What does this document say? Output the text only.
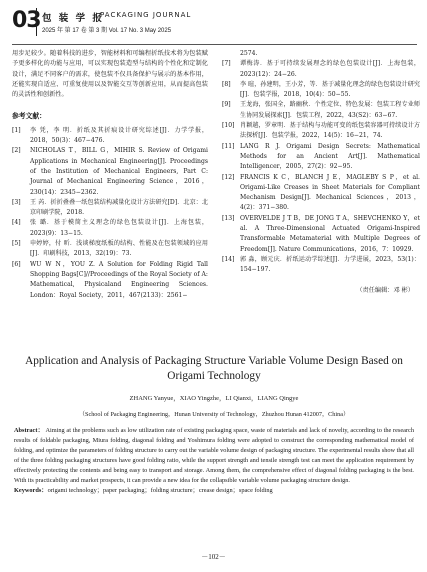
03 包 装 学 报
PACKAGING JOURNAL
2025 年 第 17 卷 第 3 期 Vol. 17 No. 3 May 2025

用步足较少。随着科技的进步，智能材料和可编程折纸技术将为包装赋予更多样化的功能与应用，可以实现包装造型与结构的个性化和定制化设计，满足不同客户的需求，使包装不仅具备保护与展示的基本作用，还能实现自适应、可重复使用以及智能交互等创新应用，从而提高包装的灵活性和创新性。

参考文献：

[1] 李 凭，李 明．折纸及其折痕设计研究综述[J]．力学学报，2018，50(3)：467−476.

[2] NICHOLAS T，BILL G，MIHIR S. Review of Origami Applications in Mechanical Engineering[J]. Proceedings of the Institution of Mechanical Engineers, Part C: Journal of Mechanical Engineering Science，2016，230(14)：2345−2362.

[3] 王 芮．折折叠叠一纸包装结构减量化设计方法研究[D]．北京：北京印刷学院，2018.

[4] 张 璐．基于模简主义理念的绿色包装设计[J]．上海包装，2023(9)：13−15.

[5] 申婷婷，付 昕．浅谈梯度纸板的结构、性能及在包装领域的应用[J]．印刷科技，2013，32(19)：73.

[6] WU W N，YOU Z. A Solution for Folding Rigid Tall Shopping Bags[C]//Proceedings of the Royal Society of A: Mathematical, Physicaland Engineering Sciences. London：Royal Society，2011，467(2133)：2561−

2574.

[7] 谭梅涛．基于可持续发展理念的绿色包装设计[J]．上海包装，2023(12)：24−26.

[8] 李 暄，孙建明，王小芳，等．基于减量化理念的绿色包装设计研究[J]．包装学报，2018，10(4)：50−55.

[9] 王龙海，张国全，路幽秋．个性定位、特色发展：包装工程专业师生协同发展探索[J]．包装工程，2022，43(S2)：63−67.

[10] 肖颖越，罗章明．基于结构与功能可变的纸包装容器可持续设计方法探析[J]．包装学报，2022，14(5)：16−21，74.

[11] LANG R J. Origami Design Secrets: Mathematical Methods for an Ancient Art[J]. Mathematical Intelligencer，2005，27(2)：92−95.

[12] FRANCIS K C，BLANCH J E，MAGLEBY S P，et al. Origami-Like Creases in Sheet Materials for Compliant Mechanism Design[J]. Mechanical Sciences，2013，4(2)：371−380.

[13] OVERVELDE J T B，DE JONG T A，SHEVCHENKO Y，et al. A Three-Dimensional Actuated Origami-Inspired Transformable Metamaterial with Multiple Degrees of Freedom[J]. Nature Communications，2016，7：10929.

[14] 郭 淼，顾元庆．折纸运动学综述[J]．力学进展，2023，53(1)：154−197.

（责任编辑：邓 彬）
Application and Analysis of Packaging Structure Variable Volume Design Based on Origami Technology
ZHANG Yanyue，XIAO Yingzhe，LI Qianxi，LIANG Qingye
（School of Packaging Engineering，Hunan University of Technology，Zhuzhou Hunan 412007，China）
Abstract： Aiming at the problems such as low utilization rate of existing packaging space, waste of materials and lack of novelty, according to the research results of foldable packaging, Miura folding, diagonal folding and Yoshimura folding were adopted to construct the corresponding mathematical model of folding, and optimize the parameters of folding structure to carry out the variable volume design of packaging structure. The experimental results show that all of the three folding packaging structures have good folding ratio, while the support strength and tensile strength test can meet the application requirement by effectively protecting the contents and being easy to transport and storage. Among them, the comprehensive effect of diagonal folding packaging is the best. With its practicability and market prospects, it can provide a new idea for the collapsible variable volume packaging structure design.
Keywords：origami technology；paper packaging；folding structure；crease design；space folding
－102－
